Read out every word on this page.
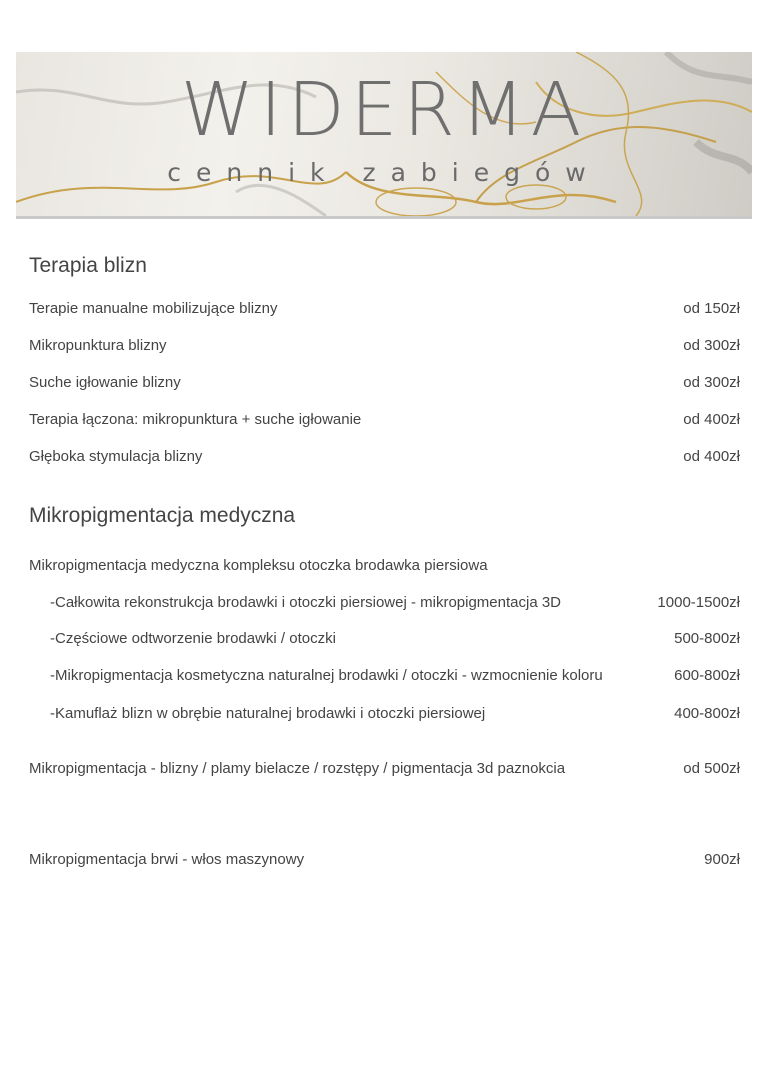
WIDERMA
cennik zabiegów
Terapia blizn
Terapie manualne mobilizujące blizny	od 150zł
Mikropunktura blizny	od 300zł
Suche igłowanie blizny	od 300zł
Terapia łączona: mikropunktura + suche igłowanie	od 400zł
Głęboka stymulacja blizny	od 400zł
Mikropigmentacja medyczna
Mikropigmentacja medyczna kompleksu otoczka brodawka piersiowa
-Całkowita rekonstrukcja brodawki i otoczki piersiowej - mikropigmentacja 3D	1000-1500zł
-Częściowe odtworzenie brodawki / otoczki	500-800zł
-Mikropigmentacja kosmetyczna naturalnej brodawki / otoczki - wzmocnienie koloru	600-800zł
-Kamuflaż blizn w obrębie naturalnej brodawki i otoczki piersiowej	400-800zł
Mikropigmentacja - blizny / plamy bielacze / rozstępy / pigmentacja 3d paznokcia	od 500zł
Mikropigmentacja brwi - włos maszynowy	900zł
